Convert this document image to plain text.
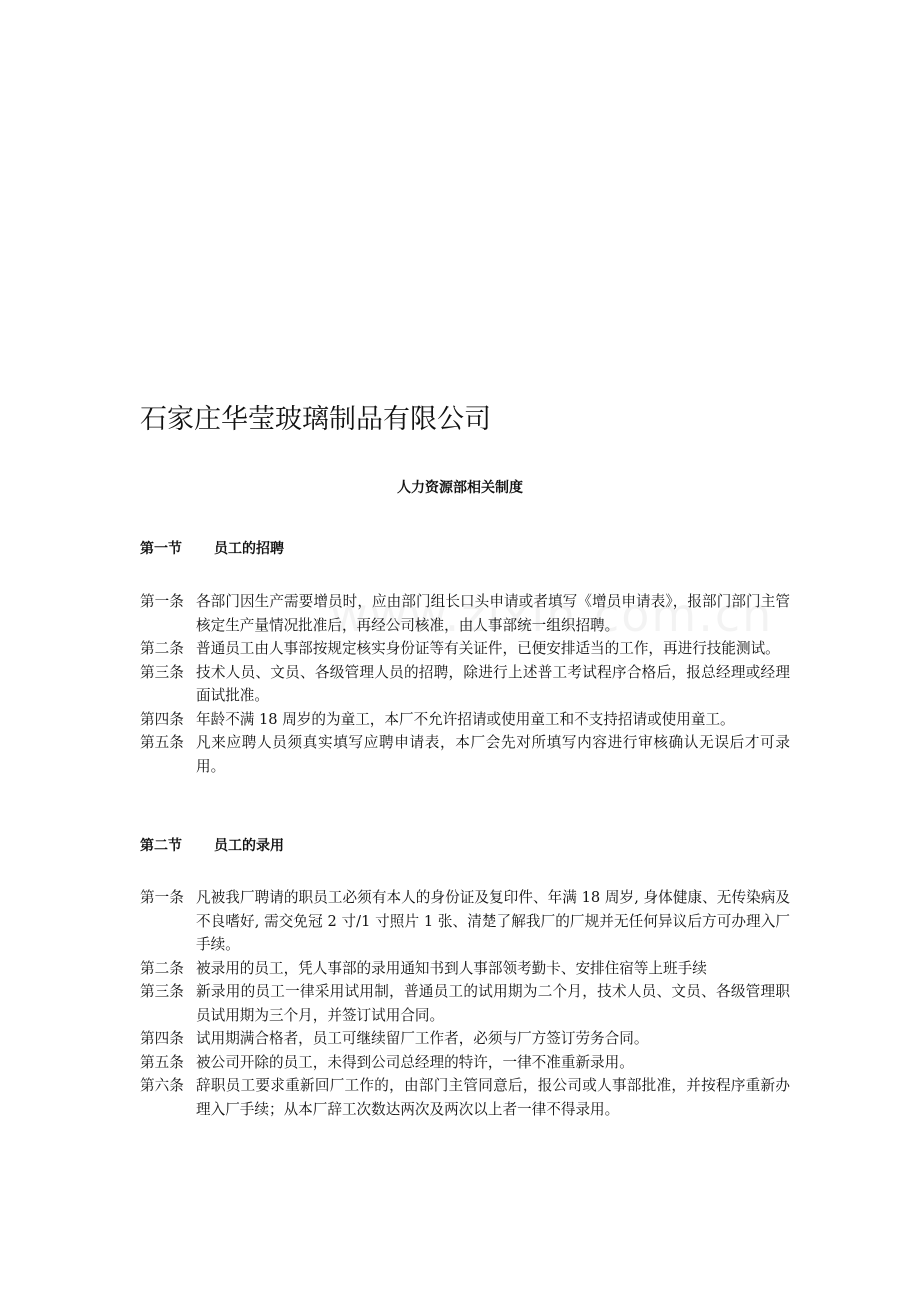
石家庄华莹玻璃制品有限公司
人力资源部相关制度
第一节 员工的招聘
第一条 各部门因生产需要增员时，应由部门组长口头申请或者填写《增员申请表》，报部门部门主管核定生产量情况批准后，再经公司核准，由人事部统一组织招聘。
第二条 普通员工由人事部按规定核实身份证等有关证件，已便安排适当的工作，再进行技能测试。
第三条 技术人员、文员、各级管理人员的招聘，除进行上述普工考试程序合格后，报总经理或经理面试批准。
第四条 年龄不满 18 周岁的为童工，本厂不允许招请或使用童工和不支持招请或使用童工。
第五条 凡来应聘人员须真实填写应聘申请表，本厂会先对所填写内容进行审核确认无误后才可录用。
第二节 员工的录用
第一条 凡被我厂聘请的职员工必须有本人的身份证及复印件、年满 18 周岁, 身体健康、无传染病及不良嗜好, 需交免冠 2 寸/1 寸照片 1 张、清楚了解我厂的厂规并无任何异议后方可办理入厂手续。
第二条 被录用的员工，凭人事部的录用通知书到人事部领考勤卡、安排住宿等上班手续
第三条 新录用的员工一律采用试用制，普通员工的试用期为二个月，技术人员、文员、各级管理职员试用期为三个月，并签订试用合同。
第四条 试用期满合格者，员工可继续留厂工作者，必须与厂方签订劳务合同。
第五条 被公司开除的员工，未得到公司总经理的特许，一律不准重新录用。
第六条 辞职员工要求重新回厂工作的，由部门主管同意后，报公司或人事部批准，并按程序重新办理入厂手续；从本厂辞工次数达两次及两次以上者一律不得录用。
